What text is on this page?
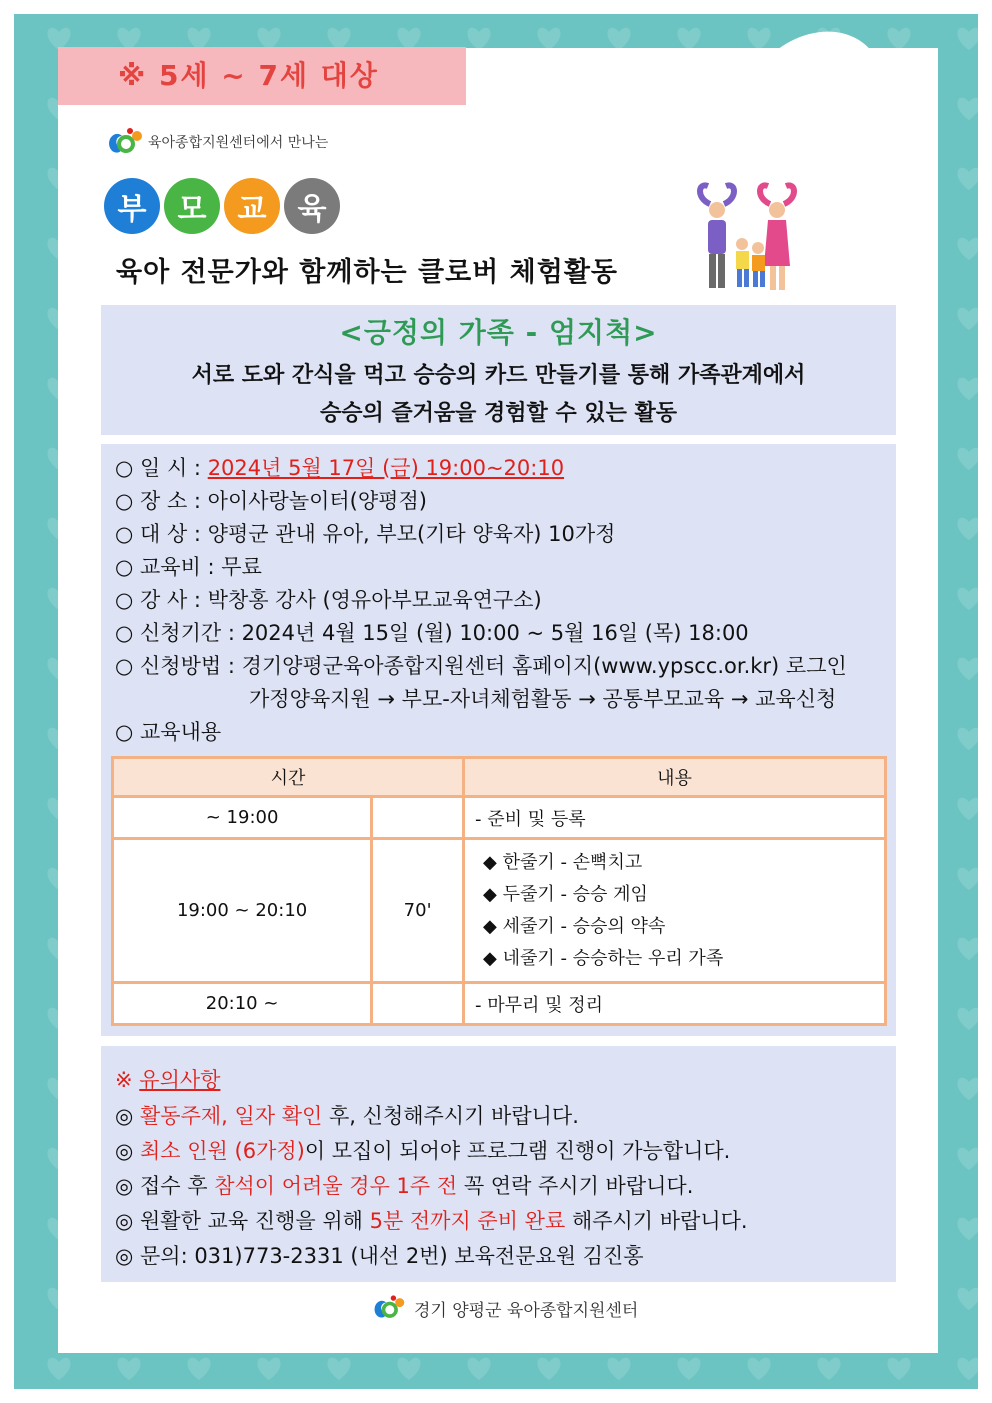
※ 5세 ~ 7세 대상
육아종합지원센터에서 만나는
부	모	교	육
육아 전문가와 함께하는 클로버 체험활동
<긍정의 가족 - 엄지척>
서로 도와 간식을 먹고 승승의 카드 만들기를 통해 가족관계에서
승승의 즐거움을 경험할 수 있는 활동
○ 일 시 : 2024년 5월 17일 (금) 19:00~20:10
○ 장 소 : 아이사랑놀이터(양평점)
○ 대 상 : 양평군 관내 유아, 부모(기타 양육자) 10가정
○ 교육비 : 무료
○ 강 사 : 박창홍 강사 (영유아부모교육연구소)
○ 신청기간 : 2024년 4월 15일 (월) 10:00 ~ 5월 16일 (목) 18:00
○ 신청방법 : 경기양평군육아종합지원센터 홈페이지(www.ypscc.or.kr) 로그인
가정양육지원 → 부모-자녀체험활동 → 공통부모교육 → 교육신청
○ 교육내용
시간		내용
~ 19:00		- 준비 및 등록
19:00 ~ 20:10	70'	◆ 한줄기 - 손뼉치고
◆ 두줄기 - 승승 게임
◆ 세줄기 - 승승의 약속
◆ 네줄기 - 승승하는 우리 가족

20:10 ~		- 마무리 및 정리
※ 유의사항
◎ 활동주제, 일자 확인 후, 신청해주시기 바랍니다.
◎ 최소 인원 (6가정)이 모집이 되어야 프로그램 진행이 가능합니다.
◎ 접수 후 참석이 어려울 경우 1주 전 꼭 연락 주시기 바랍니다.
◎ 원활한 교육 진행을 위해 5분 전까지 준비 완료 해주시기 바랍니다.
◎ 문의: 031)773-2331 (내선 2번) 보육전문요원 김진홍
경기 양평군 육아종합지원센터
